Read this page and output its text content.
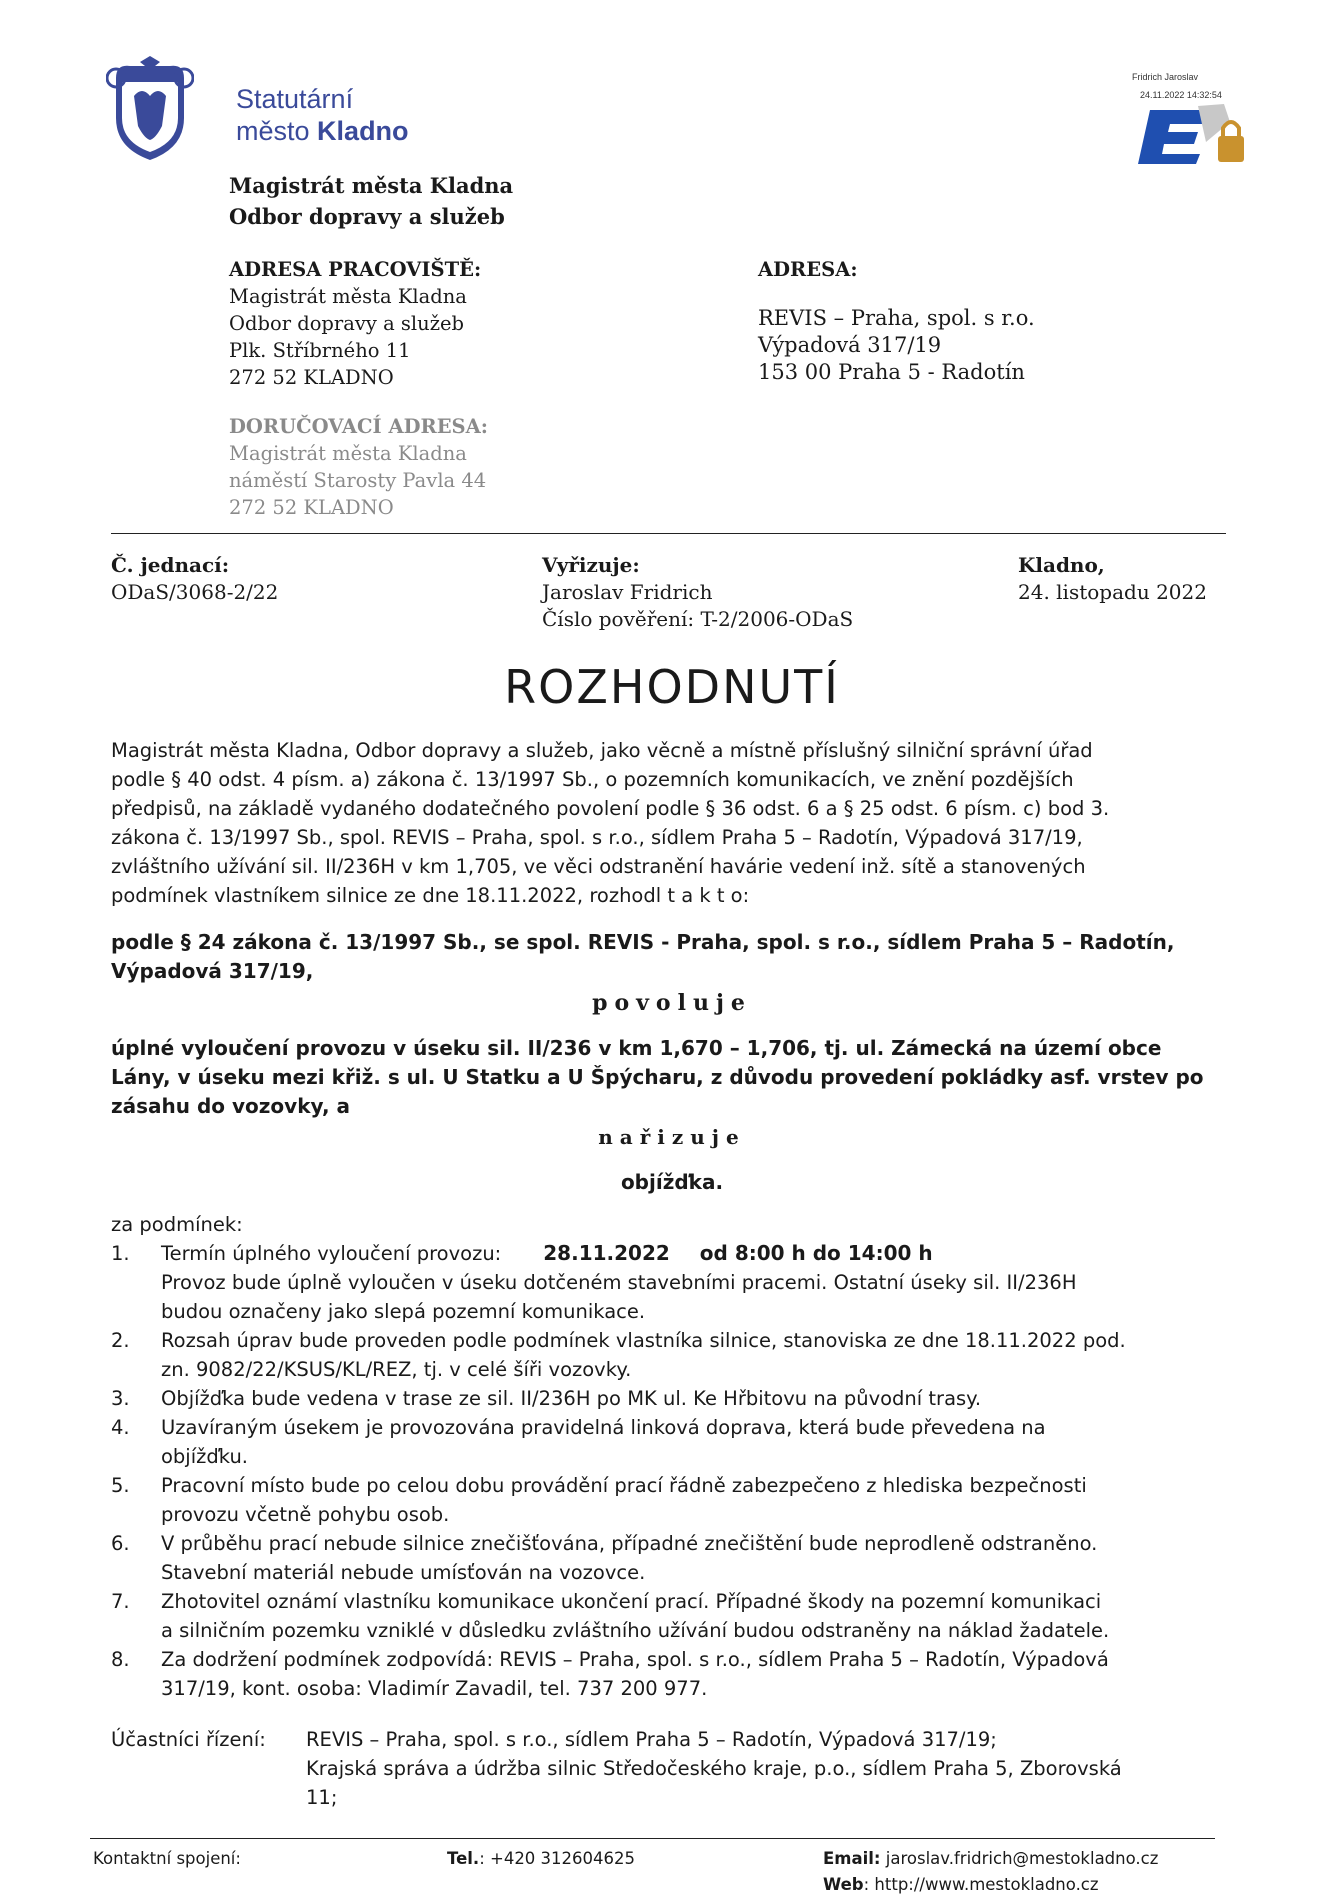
Statutární
město Kladno
Magistrát města Kladna
Odbor dopravy a služeb
Fridrich Jaroslav
24.11.2022 14:32:54
ADRESA PRACOVIŠTĚ:
Magistrát města Kladna
Odbor dopravy a služeb
Plk. Stříbrného 11
272 52 KLADNO
DORUČOVACÍ ADRESA:
Magistrát města Kladna
náměstí Starosty Pavla 44
272 52 KLADNO
ADRESA:
REVIS – Praha, spol. s r.o.
Výpadová 317/19
153 00 Praha 5 - Radotín
Č. jednací:
ODaS/3068-2/22
Vyřizuje:
Jaroslav Fridrich
Číslo pověření: T-2/2006-ODaS
Kladno,
24. listopadu 2022
ROZHODNUTÍ
Magistrát města Kladna, Odbor dopravy a služeb, jako věcně a místně příslušný silniční správní úřad
podle § 40 odst. 4 písm. a) zákona č. 13/1997 Sb., o pozemních komunikacích, ve znění pozdějších
předpisů, na základě vydaného dodatečného povolení podle § 36 odst. 6 a § 25 odst. 6 písm. c) bod 3.
zákona č. 13/1997 Sb., spol. REVIS – Praha, spol. s r.o., sídlem Praha 5 – Radotín, Výpadová 317/19,
zvláštního užívání sil. II/236H v km 1,705, ve věci odstranění havárie vedení inž. sítě a stanovených
podmínek vlastníkem silnice ze dne 18.11.2022, rozhodl t a k t o:
podle § 24 zákona č. 13/1997 Sb., se spol. REVIS - Praha, spol. s r.o., sídlem Praha 5 – Radotín,
Výpadová 317/19,
povoluje
úplné vyloučení provozu v úseku sil. II/236 v km 1,670 – 1,706, tj. ul. Zámecká na území obce
Lány, v úseku mezi křiž. s ul. U Statku a U Špýcharu, z důvodu provedení pokládky asf. vrstev po
zásahu do vozovky, a
nařizuje
objížďka.
za podmínek:
1. Termín úplného vyloučení provozu: 28.11.2022 od 8:00 h do 14:00 h
Provoz bude úplně vyloučen v úseku dotčeném stavebními pracemi. Ostatní úseky sil. II/236H
budou označeny jako slepá pozemní komunikace.
2. Rozsah úprav bude proveden podle podmínek vlastníka silnice, stanoviska ze dne 18.11.2022 pod.
zn. 9082/22/KSUS/KL/REZ, tj. v celé šíři vozovky.
3. Objížďka bude vedena v trase ze sil. II/236H po MK ul. Ke Hřbitovu na původní trasy.
4. Uzavíraným úsekem je provozována pravidelná linková doprava, která bude převedena na
objížďku.
5. Pracovní místo bude po celou dobu provádění prací řádně zabezpečeno z hlediska bezpečnosti
provozu včetně pohybu osob.
6. V průběhu prací nebude silnice znečišťována, případné znečištění bude neprodleně odstraněno.
Stavební materiál nebude umísťován na vozovce.
7. Zhotovitel oznámí vlastníku komunikace ukončení prací. Případné škody na pozemní komunikaci
a silničním pozemku vzniklé v důsledku zvláštního užívání budou odstraněny na náklad žadatele.
8. Za dodržení podmínek zodpovídá: REVIS – Praha, spol. s r.o., sídlem Praha 5 – Radotín, Výpadová
317/19, kont. osoba: Vladimír Zavadil, tel. 737 200 977.
Účastníci řízení: REVIS – Praha, spol. s r.o., sídlem Praha 5 – Radotín, Výpadová 317/19;
Krajská správa a údržba silnic Středočeského kraje, p.o., sídlem Praha 5, Zborovská
11;
Kontaktní spojení:	Tel.: +420 312604625	Email: jaroslav.fridrich@mestokladno.cz
Web: http://www.mestokladno.cz
